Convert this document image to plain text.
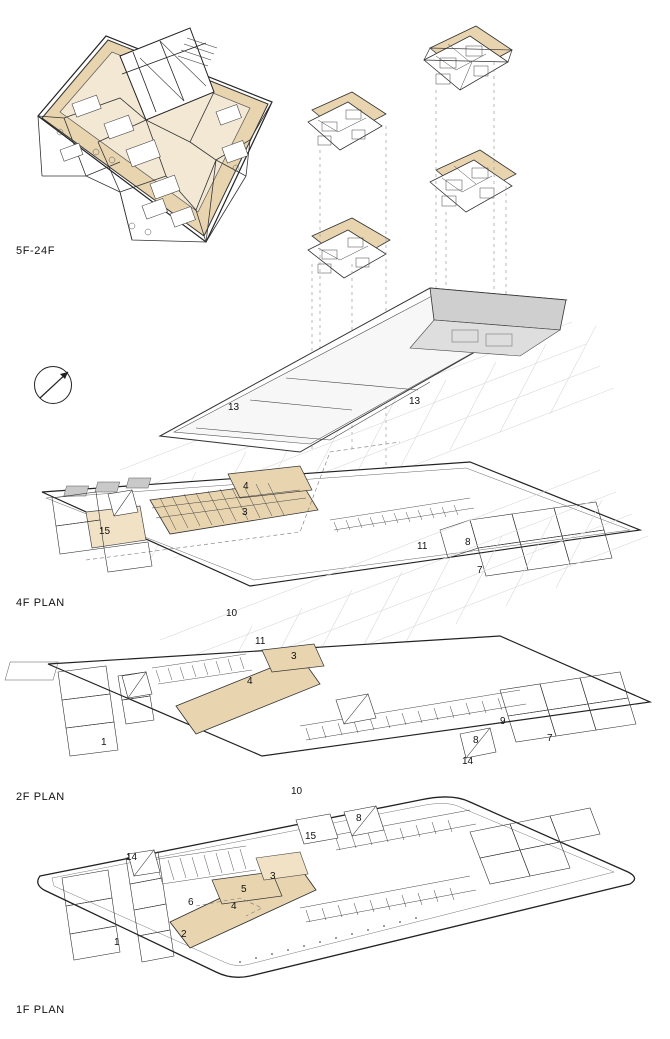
5F-24F
4F PLAN
2F PLAN
1F PLAN
13
13
4
3
15
11	8
7
10
11
3
4
9
8	7
1
14
10
8
15
14
3
5
6	4
1
2
